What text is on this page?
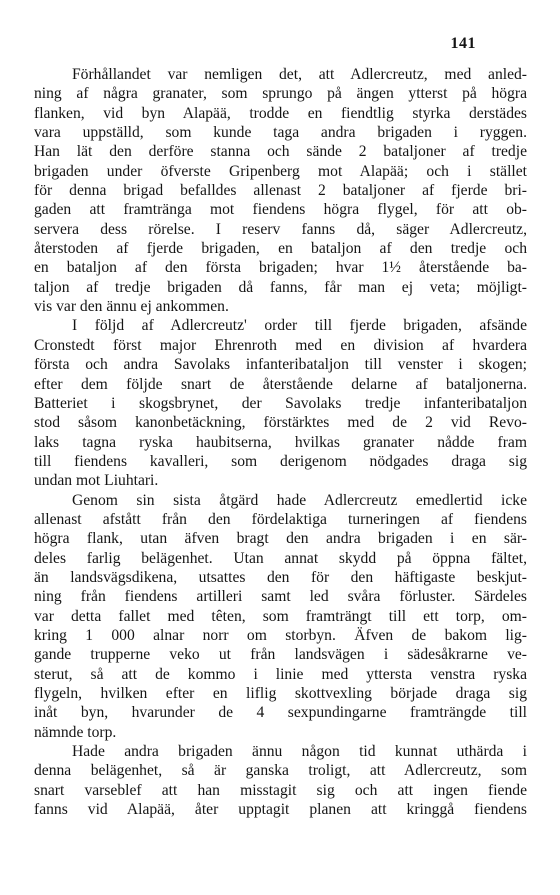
141
Förhållandet var nemligen det, att Adlercreutz, med anled-
ning af några granater, som sprungo på ängen ytterst på högra
flanken, vid byn Alapää, trodde en fiendtlig styrka derstädes
vara uppställd, som kunde taga andra brigaden i ryggen.
Han lät den derföre stanna och sände 2 bataljoner af tredje
brigaden under öfverste Gripenberg mot Alapää; och i stället
för denna brigad befalldes allenast 2 bataljoner af fjerde bri-
gaden att framtränga mot fiendens högra flygel, för att ob-
servera dess rörelse. I reserv fanns då, säger Adlercreutz,
återstoden af fjerde brigaden, en bataljon af den tredje och
en bataljon af den första brigaden; hvar 1½ återstående ba-
taljon af tredje brigaden då fanns, får man ej veta; möjligt-
vis var den ännu ej ankommen.
I följd af Adlercreutz' order till fjerde brigaden, afsände
Cronstedt först major Ehrenroth med en division af hvardera
första och andra Savolaks infanteribataljon till venster i skogen;
efter dem följde snart de återstående delarne af bataljonerna.
Batteriet i skogsbrynet, der Savolaks tredje infanteribataljon
stod såsom kanonbetäckning, förstärktes med de 2 vid Revo-
laks tagna ryska haubitserna, hvilkas granater nådde fram
till fiendens kavalleri, som derigenom nödgades draga sig
undan mot Liuhtari.
Genom sin sista åtgärd hade Adlercreutz emedlertid icke
allenast afstått från den fördelaktiga turneringen af fiendens
högra flank, utan äfven bragt den andra brigaden i en sär-
deles farlig belägenhet. Utan annat skydd på öppna fältet,
än landsvägsdikena, utsattes den för den häftigaste beskjut-
ning från fiendens artilleri samt led svåra förluster. Särdeles
var detta fallet med têten, som framträngt till ett torp, om-
kring 1 000 alnar norr om storbyn. Äfven de bakom lig-
gande trupperne veko ut från landsvägen i sädesåkrarne ve-
sterut, så att de kommo i linie med yttersta venstra ryska
flygeln, hvilken efter en liflig skottvexling började draga sig
inåt byn, hvarunder de 4 sexpundingarne framträngde till
nämnde torp.
Hade andra brigaden ännu någon tid kunnat uthärda i
denna belägenhet, så är ganska troligt, att Adlercreutz, som
snart varseblef att han misstagit sig och att ingen fiende
fanns vid Alapää, åter upptagit planen att kringgå fiendens
